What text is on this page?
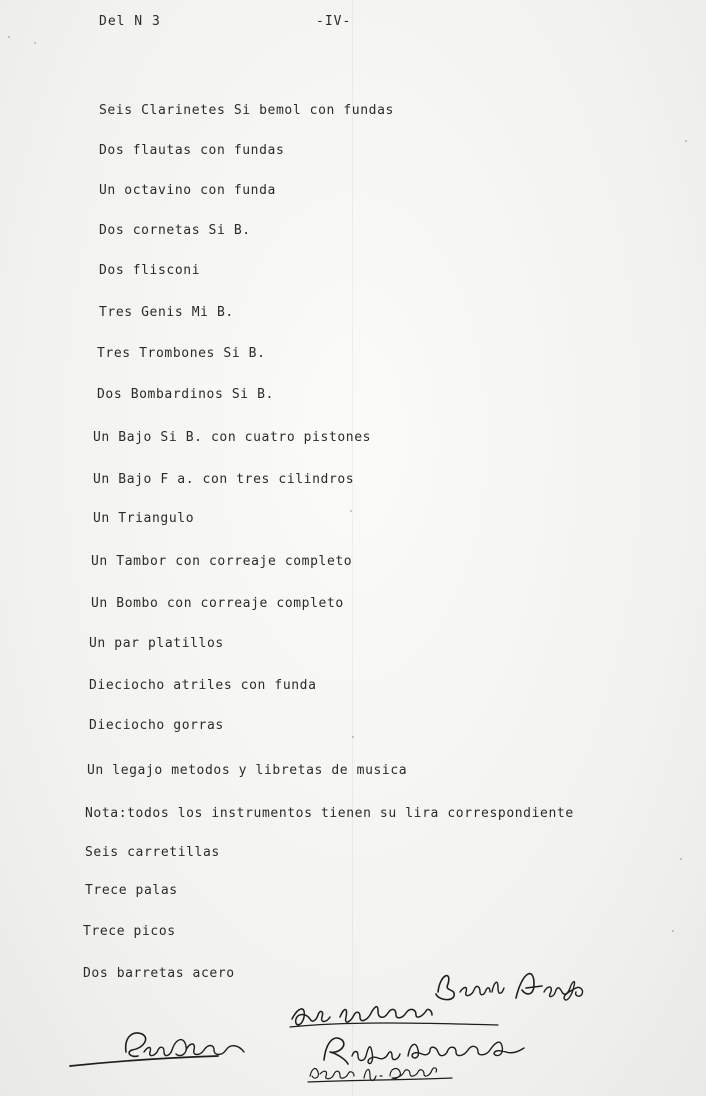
Del N 3	-IV-
Seis Clarinetes Si bemol con fundas
Dos flautas con fundas
Un octavino con funda
Dos cornetas Si B.
Dos flisconi
Tres Genis Mi B.
Tres Trombones Si B.
Dos Bombardinos Si B.
Un Bajo Si B. con cuatro pistones
Un Bajo F a. con tres cilindros
Un Triangulo
Un Tambor con correaje completo
Un Bombo con correaje completo
Un par platillos
Dieciocho atriles con funda
Dieciocho gorras
Un legajo metodos y libretas de musica
Nota:todos los instrumentos tienen su lira correspondiente
Seis carretillas
Trece palas
Trece picos
Dos barretas acero
